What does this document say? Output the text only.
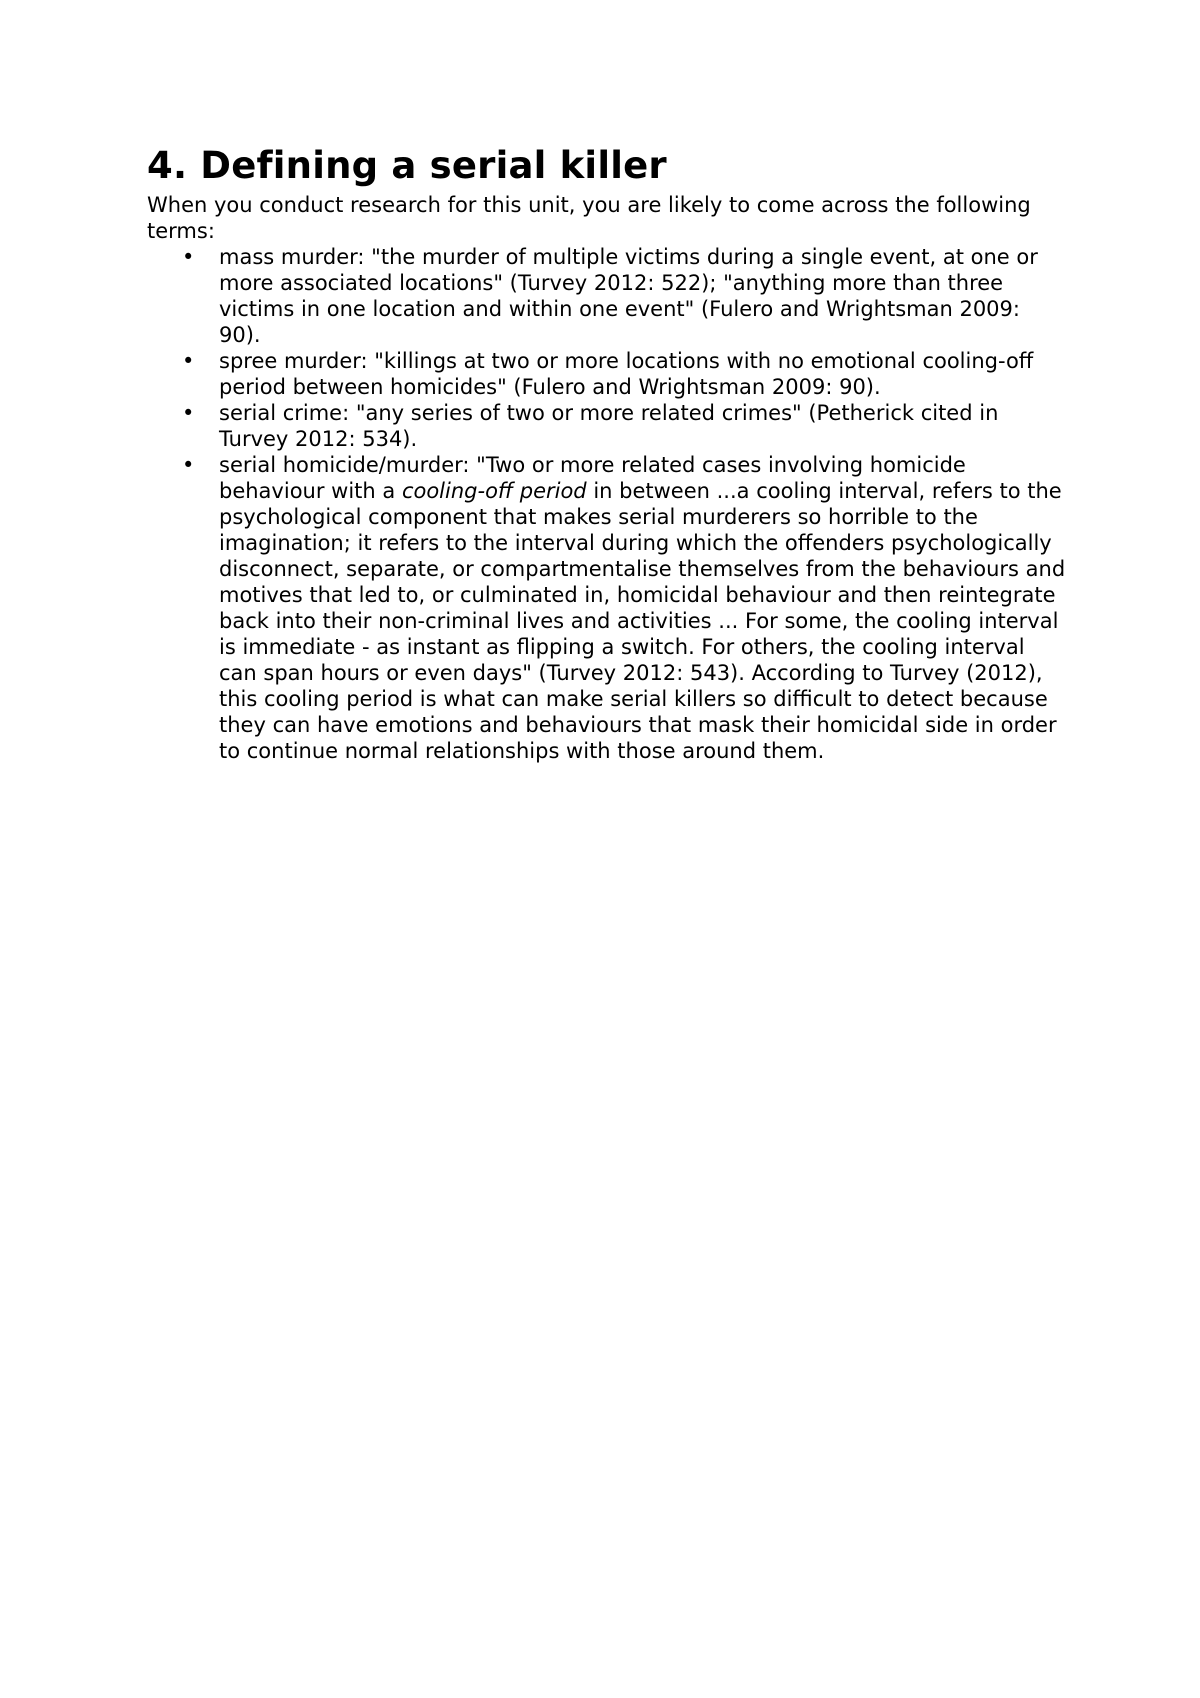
4. Defining a serial killer

When you conduct research for this unit, you are likely to come across the following terms:

• mass murder: "the murder of multiple victims during a single event, at one or more associated locations" (Turvey 2012: 522); "anything more than three victims in one location and within one event" (Fulero and Wrightsman 2009: 90).
• spree murder: "killings at two or more locations with no emotional cooling-off period between homicides" (Fulero and Wrightsman 2009: 90).
• serial crime: "any series of two or more related crimes" (Petherick cited in Turvey 2012: 534).
• serial homicide/murder: "Two or more related cases involving homicide behaviour with a cooling-off period in between ...a cooling interval, refers to the psychological component that makes serial murderers so horrible to the imagination; it refers to the interval during which the offenders psychologically disconnect, separate, or compartmentalise themselves from the behaviours and motives that led to, or culminated in, homicidal behaviour and then reintegrate back into their non-criminal lives and activities ... For some, the cooling interval is immediate - as instant as flipping a switch. For others, the cooling interval can span hours or even days" (Turvey 2012: 543). According to Turvey (2012), this cooling period is what can make serial killers so difficult to detect because they can have emotions and behaviours that mask their homicidal side in order to continue normal relationships with those around them.
